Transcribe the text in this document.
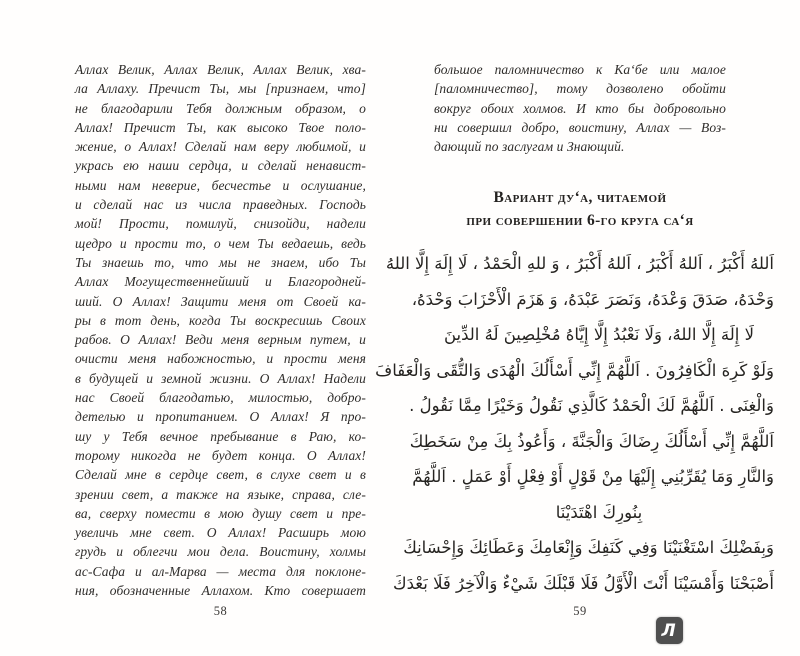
Аллах Велик, Аллах Велик, Аллах Велик, хва-
ла Аллаху. Пречист Ты, мы [признаем, что]
не благодарили Тебя должным образом, о
Аллах! Пречист Ты, как высоко Твое поло-
жение, о Аллах! Сделай нам веру любимой, и
укрась ею наши сердца, и сделай ненавист-
ными нам неверие, бесчестье и ослушание,
и сделай нас из числа праведных. Господь
мой! Прости, помилуй, снизойди, надели
щедро и прости то, о чем Ты ведаешь, ведь
Ты знаешь то, что мы не знаем, ибо Ты
Аллах Могущественнейший и Благородней-
ший. О Аллах! Защити меня от Своей ка-
ры в тот день, когда Ты воскресишь Своих
рабов. О Аллах! Веди меня верным путем, и
очисти меня набожностью, и прости меня
в будущей и земной жизни. О Аллах! Надели
нас Своей благодатью, милостью, добро-
детелью и пропитанием. О Аллах! Я про-
шу у Тебя вечное пребывание в Раю, ко-
торому никогда не будет конца. О Аллах!
Сделай мне в сердце свет, в слухе свет и в
зрении свет, а также на языке, справа, сле-
ва, сверху помести в мою душу свет и пре-
увеличь мне свет. О Аллах! Расширь мою
грудь и облегчи мои дела. Воистину, холмы
ас-Сафа и ал-Марва — места для поклоне-
ния, обозначенные Аллахом. Кто совершает
58
большое паломничество к Каʻбе или малое
[паломничество], тому дозволено обойти
вокруг обоих холмов. И кто бы добровольно
ни совершил добро, воистину, Аллах — Воз-
дающий по заслугам и Знающий.
Вариант дуʻа, читаемой
при совершении 6-го круга саʻя
اَللهُ أَكْبَرُ ، اَللهُ أَكْبَرُ ، اَللهُ أَكْبَرُ ، وَ للهِ الْحَمْدُ ، لَا إِلَهَ إِلَّا اللهُ
وَحْدَهُ، صَدَقَ وَعْدَهُ، وَنَصَرَ عَبْدَهُ، وَ هَزَمَ الْأَحْزَابَ وَحْدَهُ،
لَا إِلَهَ إِلَّا اللهُ، وَلَا نَعْبُدُ إِلَّا إِيَّاهُ مُخْلِصِينَ لَهُ الدِّينَ
وَلَوْ كَرِهَ الْكَافِرُونَ . اَللَّهُمَّ إِنِّي أَسْأَلُكَ الْهُدَى وَالتُّقَى وَالْعَفَافَ
وَالْغِنَى . اَللَّهُمَّ لَكَ الْحَمْدُ كَالَّذِي نَقُولُ وَخَيْرًا مِمَّا نَقُولُ .
اَللَّهُمَّ إِنِّي أَسْأَلُكَ رِضَاكَ وَالْجَنَّةَ ، وَأَعُوذُ بِكَ مِنْ سَخَطِكَ
وَالنَّارِ وَمَا يُقَرِّبُنِي إِلَيْهَا مِنْ قَوْلٍ أَوْ فِعْلٍ أَوْ عَمَلٍ . اَللَّهُمَّ
بِنُورِكَ اهْتَدَيْنَا
وَبِفَضْلِكَ اسْتَغْنَيْنَا وَفِي كَنَفِكَ وَإِنْعَامِكَ وَعَطَائِكَ وَإِحْسَانِكَ
أَصْبَحْنَا وَأَمْسَيْنَا أَنْتَ الْأَوَّلُ فَلَا قَبْلَكَ شَيْءٌ وَالْآخِرُ فَلَا بَعْدَكَ
59
Л
